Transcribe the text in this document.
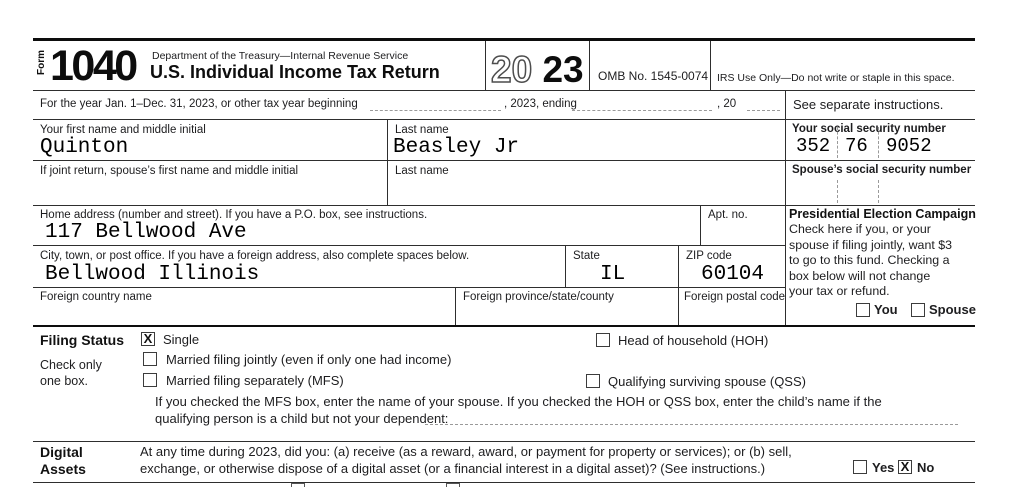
Form 1040 Department of the Treasury—Internal Revenue Service
U.S. Individual Income Tax Return 20 23 OMB No. 1545-0074 IRS Use Only—Do not write or staple in this space.
For the year Jan. 1–Dec. 31, 2023, or other tax year beginning	, 2023, ending	, 20	See separate instructions.
Your first name and middle initial	Last name	Your social security number
Quinton	Beasley Jr	352 76 9052
If joint return, spouse’s first name and middle initial	Last name	Spouse’s social security number
Home address (number and street). If you have a P.O. box, see instructions.	Apt. no.
117 Bellwood Ave
City, town, or post office. If you have a foreign address, also complete spaces below.	State	ZIP code
Bellwood Illinois	IL	60104
Foreign country name	Foreign province/state/county	Foreign postal code
Presidential Election Campaign
Check here if you, or your
spouse if filing jointly, want $3
to go to this fund. Checking a
box below will not change
your tax or refund.
You Spouse
Filing Status
Check only one box.
X
Single
Married filing jointly (even if only one had income)
Married filing separately (MFS)
Head of household (HOH)
Qualifying surviving spouse (QSS)
If you checked the MFS box, enter the name of your spouse. If you checked the HOH or QSS box, enter the child’s name if the
qualifying person is a child but not your dependent:
Digital Assets
At any time during 2023, did you: (a) receive (as a reward, award, or payment for property or services); or (b) sell,
exchange, or otherwise dispose of a digital asset (or a financial interest in a digital asset)? (See instructions.)	Yes X No
